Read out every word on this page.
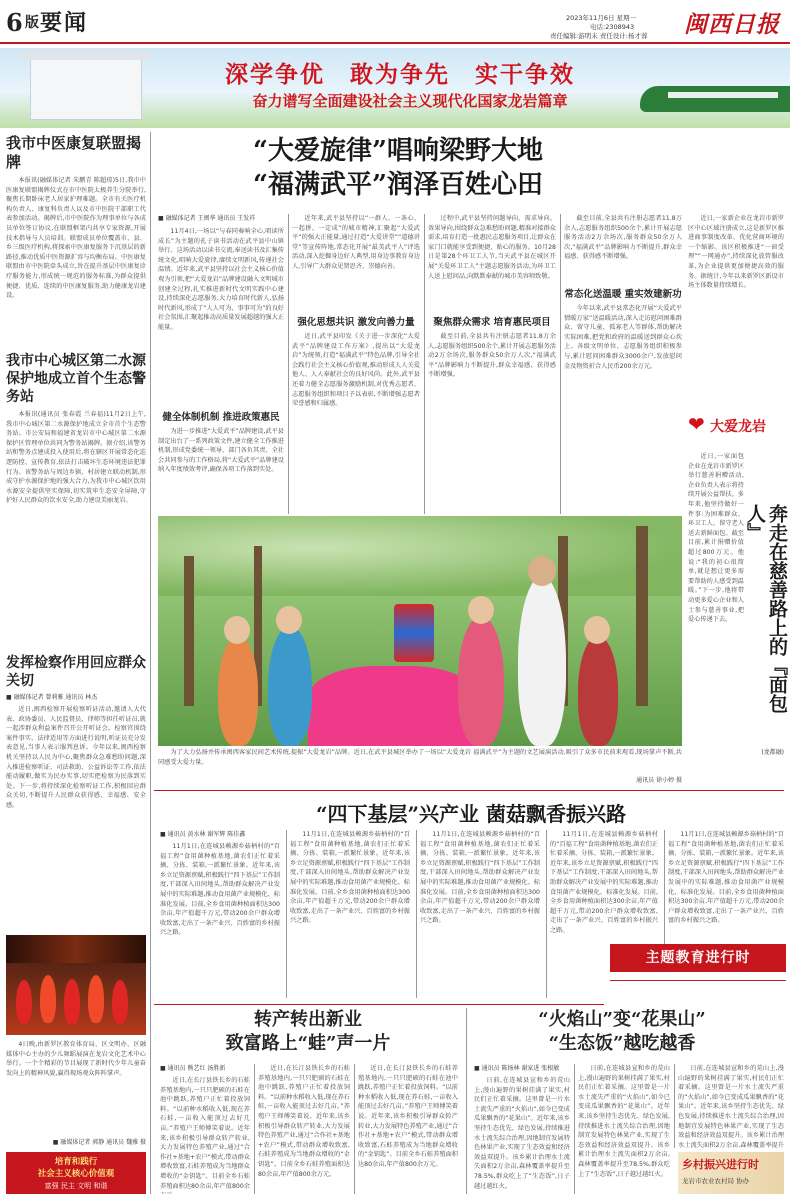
6 版 要闻	2023年11月6日 星期一
电话:2308943
责任编辑:游明未 责任设计:杨才蓉 闽西日报
深学争优　敢为争先　实干争效
奋力谱写全面建设社会主义现代化国家龙岩篇章
我市中医康复联盟揭牌

本报讯(融媒体记者 朱鹏青 陈超琼)5日,我市中医康复联盟揭牌仪式在市中医院太极养生分院举行,聚焦长期卧床老人居家护理难题。全市有关医疗机构负责人、康复科负责人以及市中医院干部职工代表参加活动。揭牌后,市中医院作为理事单位与各成员单位签订协议,在联盟框架内共享专家资源,开展技术指导与人员培训。联盟成员单位覆盖市、县、乡三级医疗机构,将探索中医康复服务下沉基层的新路径,推动优质中医资源扩容与均衡布局。中医康复联盟由市中医院牵头成立,旨在提升基层中医康复诊疗服务能力,形成统一规范的服务标准,为群众提供便捷、优质、连续的中医康复服务,助力健康龙岩建设。

我市中心城区第二水源保护地成立首个生态警务站

本报讯(通讯员 张春霞 兰春福)11月2日上午,我市中心城区第二水源保护地成立全市首个生态警务站。市公安局和福建省龙岩市中心城区第二水源保护区管理单位共同为警务站揭牌。据介绍,该警务站和警务点建成投入使用后,将在辖区开展常态化巡逻防控、宣传教育,依法打击破坏生态环境违法犯罪行为。该警务站与周边乡镇、村居建立联动机制,形成守护水源保护地的强大合力,为我市中心城区饮用水源安全提供坚实保障,切实筑牢生态安全屏障,守护好人民群众的饮水安全,助力建设美丽龙岩。

发挥检察作用回应群众关切
■ 融媒体记者 曾莉雅 通讯员 林杰

近日,闽西检察开展检察听证活动,邀请人大代表、政协委员、人民监督员、律师等担任听证员,就一起涉群众利益案件召开公开听证会。检察官围绕案件事实、法律适用等方面进行说明,听证员充分发表意见,当事人表示服判息诉。今年以来,闽西检察机关坚持以人民为中心,聚焦群众急难愁盼问题,深入推进检察听证、司法救助、公益诉讼等工作,依法能动履职,做实为民办实事,切实把检察为民落到实处。下一步,将持续深化检察听证工作,积极回应群众关切,不断提升人民群众获得感、幸福感、安全感。

4日晚,由新罗区教育体育局、区文明办、区融媒体中心主办的少儿舞蹈展演在龙岩文化艺术中心举行。一个个精彩的节目展现了新时代少年儿童奋发向上的精神风貌,赢得现场观众阵阵掌声。

■ 融媒体记者 郭静 通讯员 魏雅 摄
培育和践行
社会主义核心价值观
富强 民主 文明 和谐
“大爱旋律”唱响梁野大地
“福满武平”润泽百姓心田
■ 融媒体记者 王闽华 通讯员 王发祥

11月4日,一场以“与春同奏响全心,唱读所成长”为主题的孔子读书活动在武平县中山镇举行。这场活动以读书交流,奉送读书及汇集传统文化,唱响大爱旋律,赓续文明新风,传递社会温情。近年来,武平县坚持以社会主义核心价值观为引领,把“大爱龙岩”品牌建设融入文明城市创建全过程,扎实推进新时代文明实践中心建设,持续深化志愿服务,大力培育时代新人,弘扬时代新风,形成了“人人可为、事事可为”的良好社会氛围,汇聚起推动高质量发展超越的强大正能量。

健全体制机制 推进政策惠民

为进一步推进“大爱武平”品牌建设,武平县制定出台了一系列政策文件,建立健全工作推进机制,形成党委统一领导、部门各负其责、全社会共同参与的工作格局,将“大爱武平”品牌建设纳入年度绩效考评,确保各项工作落到实处。

近年来,武平县坚持以“一群人、一条心、一起拼、一定成”的城市精神,汇聚起“大爱武平”的强大正能量,通过打造“大爱讲堂”“道德讲堂”等宣传阵地,常态化开展“最美武平人”评选活动,深入挖掘身边好人典型,用身边事教育身边人,引导广大群众见贤思齐、崇德向善。

强化思想共识 激发向善力量

近日,武平县印发《关于进一步深化“大爱武平”品牌建设工作方案》,提出以“大爱龙岩”为统领,打造“福满武平”特色品牌,引导全社会践行社会主义核心价值观,推动形成人人关爱他人、人人奉献社会的良好风尚。此外,武平县还着力健全志愿服务激励机制,对优秀志愿者、志愿服务组织和项目予以表彰,不断增强志愿者荣誉感和归属感。

过程中,武平县坚持问题导向、需求导向、效果导向,围绕群众急难愁盼问题,精准对接群众需求,培育打造一批惠民志愿服务项目,让群众在家门口就能享受到便捷、贴心的服务。10月28日是第28个环卫工人节,当天武平县在城区开展“关爱环卫工人”主题志愿服务活动,为环卫工人送上慰问品,向默默奉献的城市美容师致敬。

聚焦群众需求 培育惠民项目

截至目前,全县共有注册志愿者11.8万余人,志愿服务组织500余个,累计开展志愿服务活动2万余场次,服务群众50余万人次,“福满武平”品牌影响力不断提升,群众幸福感、获得感不断增强。

截至目前,全县共有注册志愿者11.8万余人,志愿服务组织500余个,累计开展志愿服务活动2万余场次,服务群众50余万人次,“福满武平”品牌影响力不断提升,群众幸福感、获得感不断增强。

常态化送温暖 重实效建新功

今年以来,武平县常态化开展“大爱武平 情暖万家”送温暖活动,深入走访慰问困难群众、留守儿童、孤寡老人等群体,帮助解决实际困难,把党和政府的温暖送到群众心坎上。各级文明单位、志愿服务组织积极参与,累计慰问困难群众3000余户,发放慰问金及物资折合人民币200余万元。

❤ 大爱龙岩

近日,一家新企业在龙岩市新罗区中心区域注册成立,这是新罗区推进商事制度改革、优化营商环境的一个缩影。该区积极推进“一窗受理”“一网通办”,持续深化放管服改革,为企业提供更加便捷高效的服务。据统计,今年以来新罗区新设市场主体数量持续增长。

近日,一家面包企业在龙岩市新罗区举行慈善捐赠活动,企业负责人表示将持续开展公益帮扶。多年来,他坚持做好一件事:为困难群众、环卫工人、留守老人送去新鲜面包。截至目前,累计捐赠价值超过800万元。他说:“我的初心很简单,就是想让更多需要帮助的人感受到温暖。”下一步,他将带动更多爱心企业和人士参与慈善事业,把爱心传递下去。	奔走在慈善路上的『面包人』
(龙都融)

为了大力弘扬并传承闽西客家民间艺术传统,提振“大爱龙岩”品牌。近日,在武平县城区举办了一场以“大爱龙岩 福满武平”为主题的文艺展演活动,吸引了众多市民前来观看,现场掌声不断,共同感受大爱力量。

通讯员 徐小婷 摄
“四下基层”兴产业 菌菇飘香振兴路
■ 通讯员 黄水林 谢军辉 陈佳鑫

11月1日,在连城县赖源乡菇柄村的“百福工程”食用菌种植基地,菌农们正忙着采摘、分拣、装箱,一派繁忙景象。近年来,该乡立足资源禀赋,积极践行“四下基层”工作制度,干部深入田间地头,帮助群众解决产业发展中的实际难题,推动食用菌产业规模化、标准化发展。目前,全乡食用菌种植面积达300余亩,年产值超千万元,带动200余户群众增收致富,走出了一条产业兴、百姓富的乡村振兴之路。

11月1日,在连城县赖源乡菇柄村的“百福工程”食用菌种植基地,菌农们正忙着采摘、分拣、装箱,一派繁忙景象。近年来,该乡立足资源禀赋,积极践行“四下基层”工作制度,干部深入田间地头,帮助群众解决产业发展中的实际难题,推动食用菌产业规模化、标准化发展。目前,全乡食用菌种植面积达300余亩,年产值超千万元,带动200余户群众增收致富,走出了一条产业兴、百姓富的乡村振兴之路。

11月1日,在连城县赖源乡菇柄村的“百福工程”食用菌种植基地,菌农们正忙着采摘、分拣、装箱,一派繁忙景象。近年来,该乡立足资源禀赋,积极践行“四下基层”工作制度,干部深入田间地头,帮助群众解决产业发展中的实际难题,推动食用菌产业规模化、标准化发展。目前,全乡食用菌种植面积达300余亩,年产值超千万元,带动200余户群众增收致富,走出了一条产业兴、百姓富的乡村振兴之路。

11月1日,在连城县赖源乡菇柄村的“百福工程”食用菌种植基地,菌农们正忙着采摘、分拣、装箱,一派繁忙景象。近年来,该乡立足资源禀赋,积极践行“四下基层”工作制度,干部深入田间地头,帮助群众解决产业发展中的实际难题,推动食用菌产业规模化、标准化发展。目前,全乡食用菌种植面积达300余亩,年产值超千万元,带动200余户群众增收致富,走出了一条产业兴、百姓富的乡村振兴之路。

11月1日,在连城县赖源乡菇柄村的“百福工程”食用菌种植基地,菌农们正忙着采摘、分拣、装箱,一派繁忙景象。近年来,该乡立足资源禀赋,积极践行“四下基层”工作制度,干部深入田间地头,帮助群众解决产业发展中的实际难题,推动食用菌产业规模化、标准化发展。目前,全乡食用菌种植面积达300余亩,年产值超千万元,带动200余户群众增收致富,走出了一条产业兴、百姓富的乡村振兴之路。

主题教育进行时
转产转出新业
致富路上“蛙”声一片
■ 通讯员 熊艺红 汤胜新

近日,在长汀县铁长乡的石蛙养殖基地内,一只只肥硕的石蛙在池中跳跃,养殖户正忙着投放饲料。“以前种水稻收入低,现在养石蛙,一亩收入能顶过去好几亩。”养殖户王师傅笑着说。近年来,该乡积极引导群众转产转业,大力发展特色养殖产业,通过“合作社+基地+农户”模式,带动群众增收致富,石蛙养殖成为当地群众增收的“金钥匙”。目前全乡石蛙养殖面积达80余亩,年产值800余

近日,在长汀县铁长乡的石蛙养殖基地内,一只只肥硕的石蛙在池中跳跃,养殖户正忙着投放饲料。“以前种水稻收入低,现在养石蛙,一亩收入能顶过去好几亩。”养殖户王师傅笑着说。近年来,该乡积极引导群众转产转业,大力发展特色养殖产业,通过“合作社+基地+农户”模式,带动群众增收致富,石蛙养殖成为当地群众增收的“金钥匙”。目前全乡石蛙养殖面积达80余亩,年产值800余万元。

近日,在长汀县铁长乡的石蛙养殖基地内,一只只肥硕的石蛙在池中跳跃,养殖户正忙着投放饲料。“以前种水稻收入低,现在养石蛙,一亩收入能顶过去好几亩。”养殖户王师傅笑着说。近年来,该乡积极引导群众转产转业,大力发展特色养殖产业,通过“合作社+基地+农户”模式,带动群众增收致富,石蛙养殖成为当地群众增收的“金钥匙”。目前全乡石蛙养殖面积达80余亩,年产值800余万元。

“火焰山”变“花果山”
“生态饭”越吃越香
■ 通讯员 陈扬林 谢家进 张根敏

日前,在连城县宣和乡的荒山上,漫山遍野的果树挂满了果实,村民们正忙着采摘。这里曾是一片水土流失严重的“火焰山”,如今已变成瓜果飘香的“花果山”。近年来,该乡坚持生态优先、绿色发展,持续推进水土流失综合治理,因地制宜发展特色林果产业,实现了生态效益和经济效益双提升。该乡累计治理水土流失面积2万余亩,森林覆盖率提升至78.5%,群众吃上了“生态饭”,日子越过越红火。

日前,在连城县宣和乡的荒山上,漫山遍野的果树挂满了果实,村民们正忙着采摘。这里曾是一片水土流失严重的“火焰山”,如今已变成瓜果飘香的“花果山”。近年来,该乡坚持生态优先、绿色发展,持续推进水土流失综合治理,因地制宜发展特色林果产业,实现了生态效益和经济效益双提升。该乡累计治理水土流失面积2万余亩,森林覆盖率提升至78.5%,群众吃上了“生态饭”,日子越过越红火。

日前,在连城县宣和乡的荒山上,漫山遍野的果树挂满了果实,村民们正忙着采摘。这里曾是一片水土流失严重的“火焰山”,如今已变成瓜果飘香的“花果山”。近年来,该乡坚持生态优先、绿色发展,持续推进水土流失综合治理,因地制宜发展特色林果产业,实现了生态效益和经济效益双提升。该乡累计治理水土流失面积2万余亩,森林覆盖率提升

乡村振兴进行时
龙岩市农业农村局 协办
